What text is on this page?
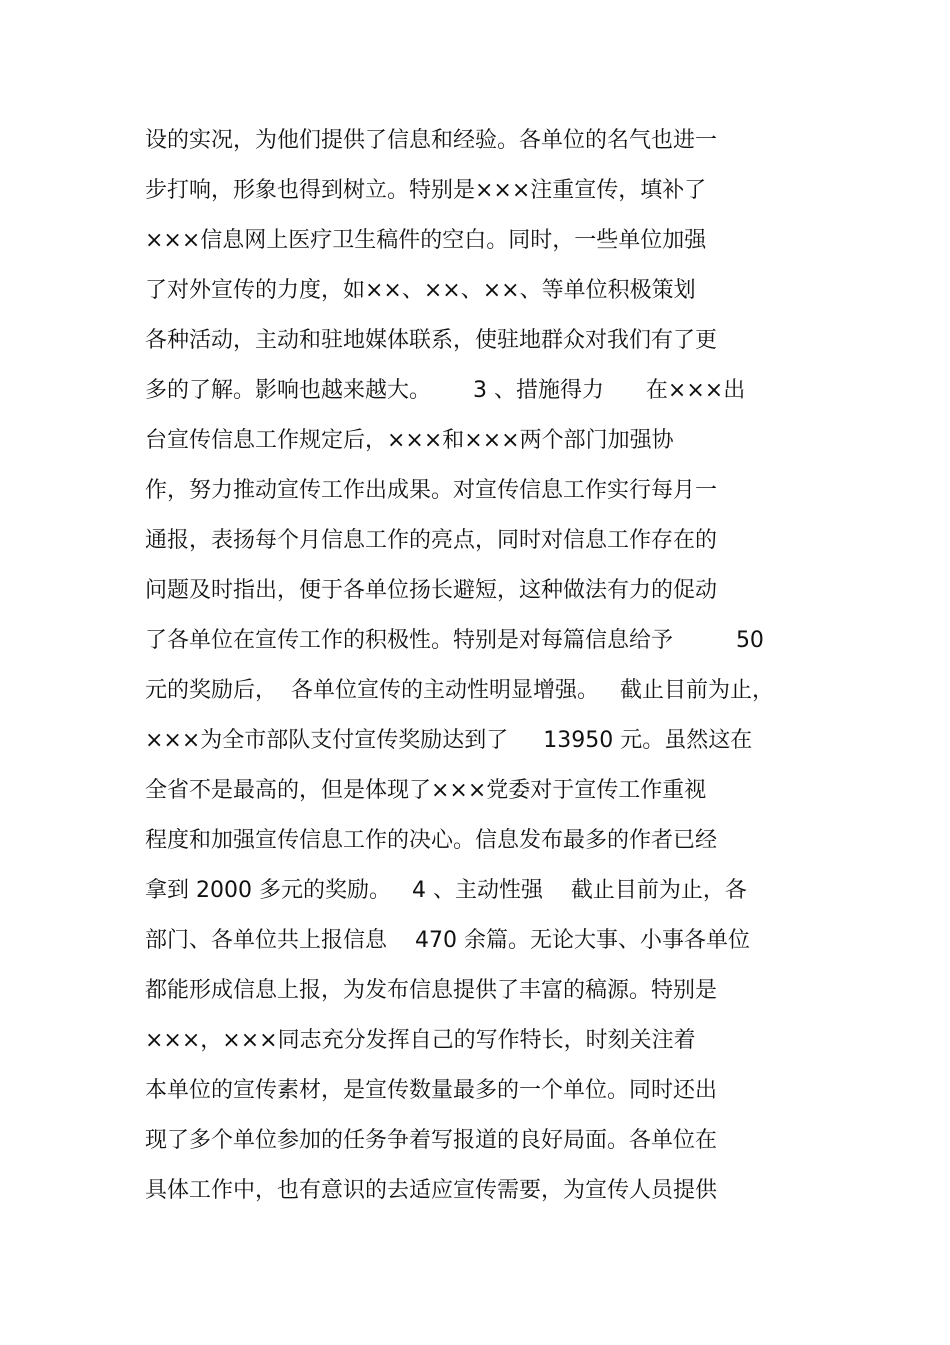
设的实况，为他们提供了信息和经验。各单位的名气也进一
步打响，形象也得到树立。特别是×××注重宣传，填补了
×××信息网上医疗卫生稿件的空白。同时，一些单位加强
了对外宣传的力度，如××、××、××、等单位积极策划
各种活动，主动和驻地媒体联系，使驻地群众对我们有了更
多的了解。影响也越来越大。      3 、措施得力      在×××出
台宣传信息工作规定后，×××和×××两个部门加强协
作，努力推动宣传工作出成果。对宣传信息工作实行每月一
通报，表扬每个月信息工作的亮点，同时对信息工作存在的
问题及时指出，便于各单位扬长避短，这种做法有力的促动
了各单位在宣传工作的积极性。特别是对每篇信息给予         50
元的奖励后，  各单位宣传的主动性明显增强。   截止目前为止，
×××为全市部队支付宣传奖励达到了     13950 元。虽然这在
全省不是最高的，但是体现了×××党委对于宣传工作重视
程度和加强宣传信息工作的决心。信息发布最多的作者已经
拿到 2000 多元的奖励。   4 、主动性强    截止目前为止，各
部门、各单位共上报信息    470 余篇。无论大事、小事各单位
都能形成信息上报，为发布信息提供了丰富的稿源。特别是
×××，×××同志充分发挥自己的写作特长，时刻关注着
本单位的宣传素材，是宣传数量最多的一个单位。同时还出
现了多个单位参加的任务争着写报道的良好局面。各单位在
具体工作中，也有意识的去适应宣传需要，为宣传人员提供
